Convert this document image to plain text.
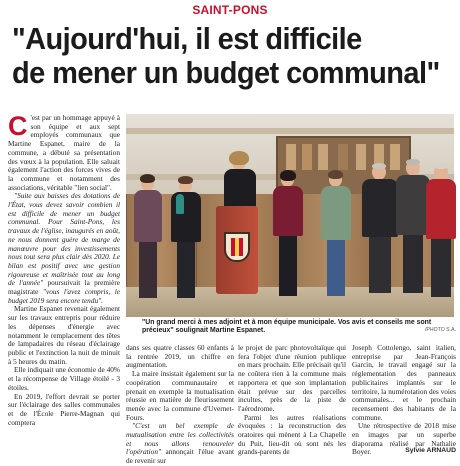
SAINT-PONS
"Aujourd'hui, il est difficile
de mener un budget communal"

C 'est par un hommage appuyé à son équipe et aux sept employés communaux que Martine Espanet, maire de la commune, a débuté sa présentation des vœux à la population. Elle saluait également l'action des forces vives de la commune et notamment des associations, véritable "lien social".

"Suite aux baisses des dotations de l'État, vous devez savoir combien il est difficile de mener un budget communal. Pour Saint-Pons, les travaux de l'église, inaugurés en août, ne nous donnent guère de marge de manœuvre pour des investissements nous tout sera plus clair dès 2020. Le bilan est positif avec une gestion rigoureuse et maîtrisée tout au long de l'année" poursuivait la première magistrate "vous l'avez compris, le budget 2019 sera encore tendu".

Martine Espanet revenait également sur les travaux entrepris pour réduire les dépenses d'énergie avec notamment le remplacement des têtes de lampadaires du réseau d'éclairage public et l'extinction la nuit de minuit à 5 heures du matin.

Elle indiquait une économie de 40% et la récompense de Village étoilé - 3 étoiles.

En 2019, l'effort devrait se porter sur l'éclairage des salles communales et de l'École Pierre-Magnan qui comptera

"Un grand merci à mes adjoint et à mon équipe municipale. Vos avis et conseils me sont précieux" soulignait Martine Espanet.	/PHOTO S.A.

dans ses quatre classes 60 enfants à la rentrée 2019, un chiffre en augmentation.

La maire insistait également sur la coopération communautaire et prenait en exemple la mutualisation réussie en matière de fleurissement menée avec la commune d'Uvernet-Fours.

"C'est un bel exemple de mutualisation entre les collectivités et nous allons renouveler l'opération" annonçait l'élue avant de revenir sur

le projet de parc photovoltaïque qui fera l'objet d'une réunion publique en mars prochain. Elle précisait qu'il ne coûtera rien à la commune mais rapportera et que son implantation était prévue sur des parcelles incultes, près de la piste de l'aérodrome.

Parmi les autres réalisations évoquées : la reconstruction des oratoires qui mènent à La Chapelle du Puit, lieu-dit où sont nés les grands-parents de

Joseph Cottolengo, saint italien, entreprise par Jean-François Garcin, le travail engagé sur la réglementation des panneaux publicitaires implantés sur le territoire, la numérotation des voies communales... et le prochain recensement des habitants de la commune.

Une rétrospective de 2018 mise en images par un superbe diaporama réalisé par Nathalie Boyer.	Sylvie ARNAUD
